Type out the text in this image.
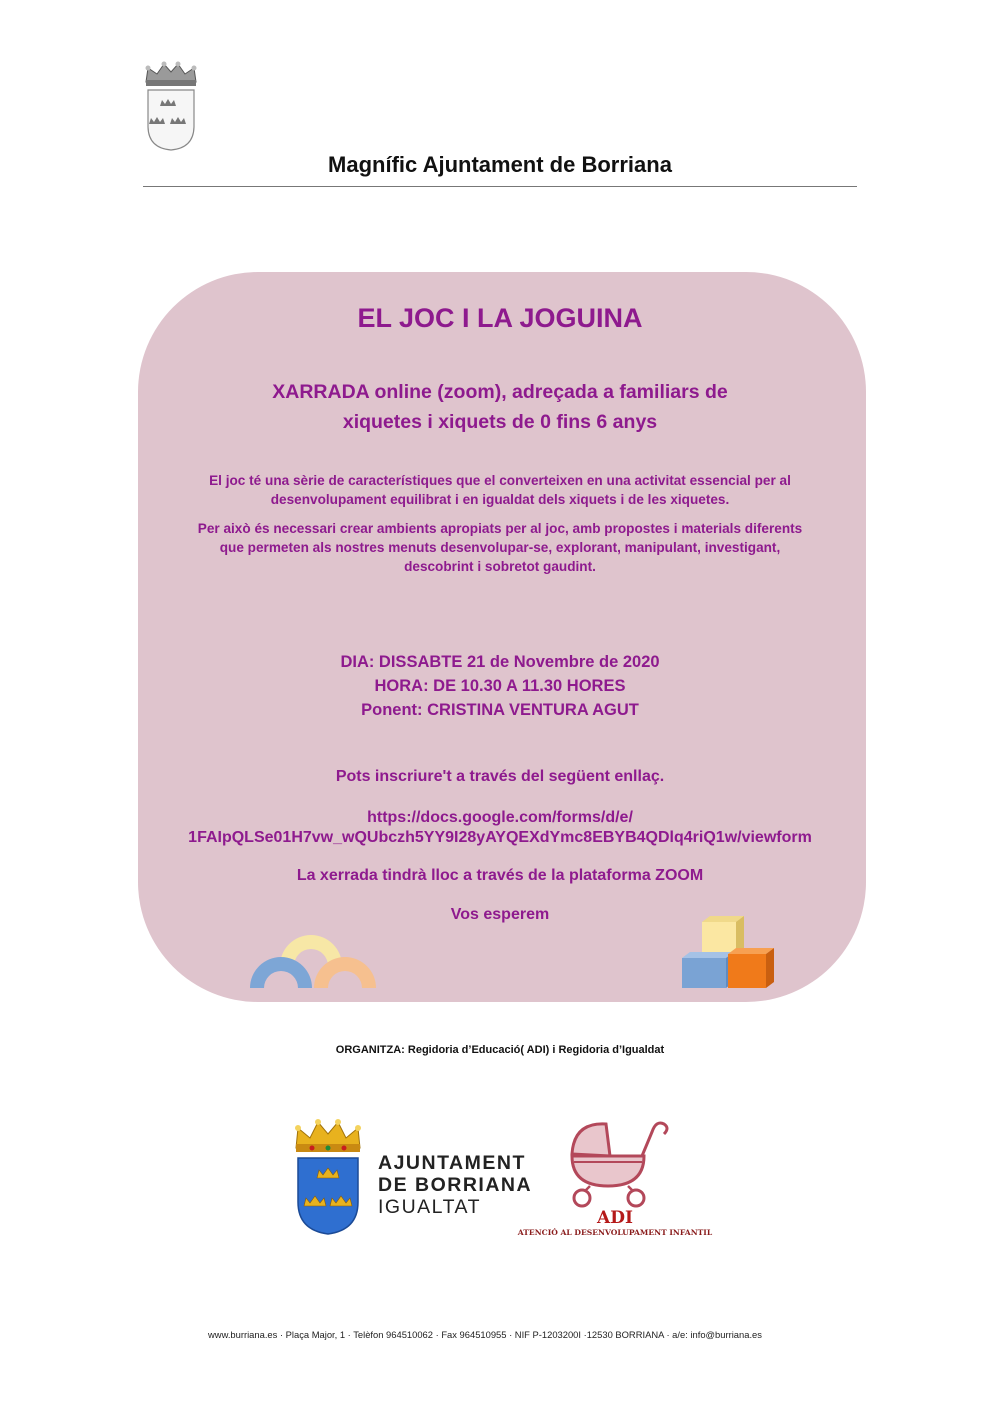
Magnífic Ajuntament de Borriana
EL JOC I LA JOGUINA
XARRADA online (zoom), adreçada a familiars de
xiquetes i xiquets de 0 fins 6 anys
El joc té una sèrie de característiques que el converteixen en una activitat essencial per al
desenvolupament equilibrat i en igualdat dels xiquets i de les xiquetes.
Per això és necessari crear ambients apropiats per al joc, amb propostes i materials diferents
que permeten als nostres menuts desenvolupar-se, explorant, manipulant, investigant,
descobrint i sobretot gaudint.
DIA: DISSABTE 21 de Novembre de 2020
HORA: DE 10.30 A 11.30 HORES
Ponent: CRISTINA VENTURA AGUT
Pots inscriure't a través del següent enllaç.
https://docs.google.com/forms/d/e/
1FAIpQLSe01H7vw_wQUbczh5YY9I28yAYQEXdYmc8EBYB4QDlq4riQ1w/viewform
La xerrada tindrà lloc a través de la plataforma ZOOM
Vos esperem
ORGANITZA: Regidoria d’Educació( ADI) i Regidoria d’Igualdat
AJUNTAMENT
DE BORRIANA
IGUALTAT	ADI
ATENCIÓ AL DESENVOLUPAMENT INFANTIL
www.burriana.es · Plaça Major, 1 · Telèfon 964510062 · Fax 964510955 · NIF P-1203200I ·12530 BORRIANA · a/e: info@burriana.es
